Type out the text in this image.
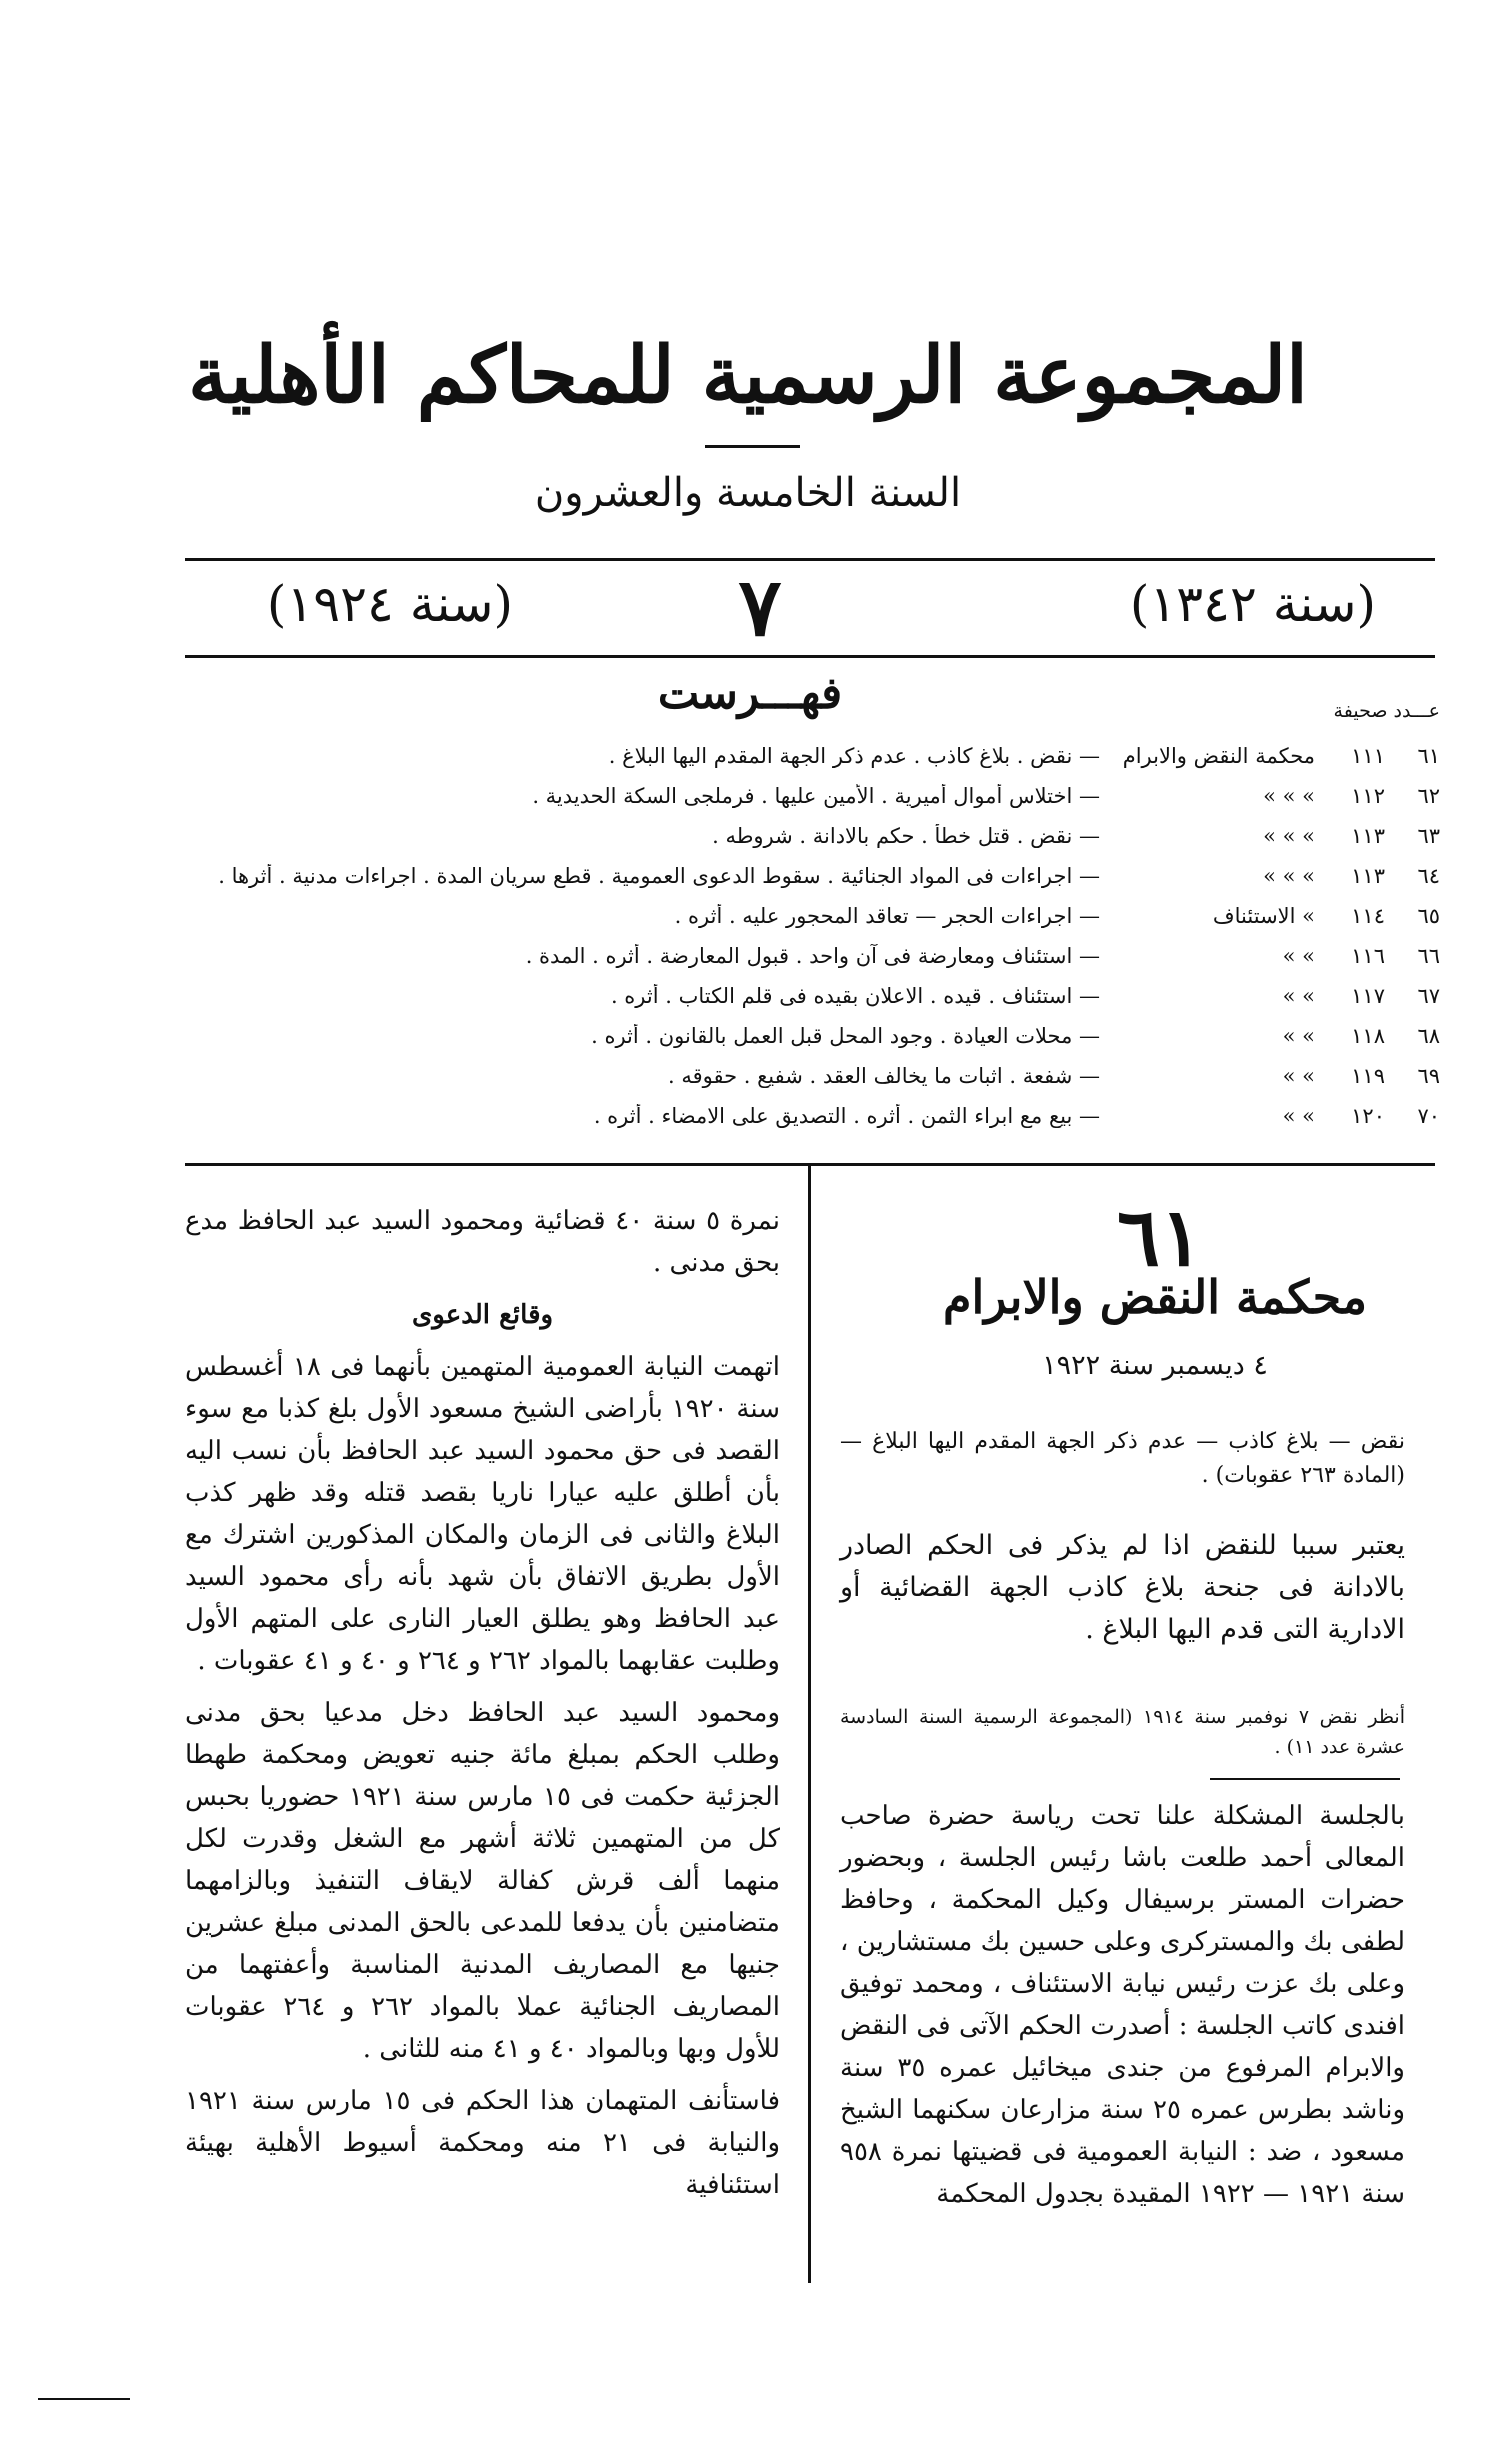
المجموعة الرسمية للمحاكم الأهلية
السنة الخامسة والعشرون
(سنة ١٣٤٢)
٧
(سنة ١٩٢٤)
فهـــرست	عـــدد صحيفة
٦١
١١١
محكمة النقض والابرام
— نقض . بلاغ كاذب . عدم ذكر الجهة المقدم اليها البلاغ .
٦٢
١١٢
» » »
— اختلاس أموال أميرية . الأمين عليها . فرملجى السكة الحديدية .
٦٣
١١٣
» » »
— نقض . قتل خطأ . حكم بالادانة . شروطه .
٦٤
١١٣
» » »
— اجراءات فى المواد الجنائية . سقوط الدعوى العمومية . قطع سريان المدة . اجراءات مدنية . أثرها .
٦٥
١١٤
» الاستئناف
— اجراءات الحجر — تعاقد المحجور عليه . أثره .
٦٦
١١٦
» »
— استئناف ومعارضة فى آن واحد . قبول المعارضة . أثره . المدة .
٦٧
١١٧
» »
— استئناف . قيده . الاعلان بقيده فى قلم الكتاب . أثره .
٦٨
١١٨
» »
— محلات العيادة . وجود المحل قبل العمل بالقانون . أثره .
٦٩
١١٩
» »
— شفعة . اثبات ما يخالف العقد . شفيع . حقوقه .
٧٠
١٢٠
» »
— بيع مع ابراء الثمن . أثره . التصديق على الامضاء . أثره .
٦١
محكمة النقض والابرام
٤ ديسمبر سنة ١٩٢٢
نقض — بلاغ كاذب — عدم ذكر الجهة المقدم اليها البلاغ — (المادة ٢٦٣ عقوبات) .
يعتبر سببا للنقض اذا لم يذكر فى الحكم الصادر بالادانة فى جنحة بلاغ كاذب الجهة القضائية أو الادارية التى قدم اليها البلاغ .
أنظر نقض ٧ نوفمبر سنة ١٩١٤ (المجموعة الرسمية السنة السادسة عشرة عدد ١١) .
بالجلسة المشكلة علنا تحت رياسة حضرة صاحب المعالى أحمد طلعت باشا رئيس الجلسة ، وبحضور حضرات المستر برسيفال وكيل المحكمة ، وحافظ لطفى بك والمستركرى وعلى حسين بك مستشارين ، وعلى بك عزت رئيس نيابة الاستئناف ، ومحمد توفيق افندى كاتب الجلسة : أصدرت الحكم الآتى فى النقض والابرام المرفوع من جندى ميخائيل عمره ٣٥ سنة وناشد بطرس عمره ٢٥ سنة مزارعان سكنهما الشيخ مسعود ، ضد : النيابة العمومية فى قضيتها نمرة ٩٥٨ سنة ١٩٢١ — ١٩٢٢ المقيدة بجدول المحكمة

نمرة ٥ سنة ٤٠ قضائية ومحمود السيد عبد الحافظ مدع بحق مدنى .

وقائع الدعوى

اتهمت النيابة العمومية المتهمين بأنهما فى ١٨ أغسطس سنة ١٩٢٠ بأراضى الشيخ مسعود الأول بلغ كذبا مع سوء القصد فى حق محمود السيد عبد الحافظ بأن نسب اليه بأن أطلق عليه عيارا ناريا بقصد قتله وقد ظهر كذب البلاغ والثانى فى الزمان والمكان المذكورين اشترك مع الأول بطريق الاتفاق بأن شهد بأنه رأى محمود السيد عبد الحافظ وهو يطلق العيار النارى على المتهم الأول وطلبت عقابهما بالمواد ٢٦٢ و ٢٦٤ و ٤٠ و ٤١ عقوبات .

ومحمود السيد عبد الحافظ دخل مدعيا بحق مدنى وطلب الحكم بمبلغ مائة جنيه تعويض ومحكمة طهطا الجزئية حكمت فى ١٥ مارس سنة ١٩٢١ حضوريا بحبس كل من المتهمين ثلاثة أشهر مع الشغل وقدرت لكل منهما ألف قرش كفالة لايقاف التنفيذ وبالزامهما متضامنين بأن يدفعا للمدعى بالحق المدنى مبلغ عشرين جنيها مع المصاريف المدنية المناسبة وأعفتهما من المصاريف الجنائية عملا بالمواد ٢٦٢ و ٢٦٤ عقوبات للأول وبها وبالمواد ٤٠ و ٤١ منه للثانى .

فاستأنف المتهمان هذا الحكم فى ١٥ مارس سنة ١٩٢١ والنيابة فى ٢١ منه ومحكمة أسيوط الأهلية بهيئة استئنافية
